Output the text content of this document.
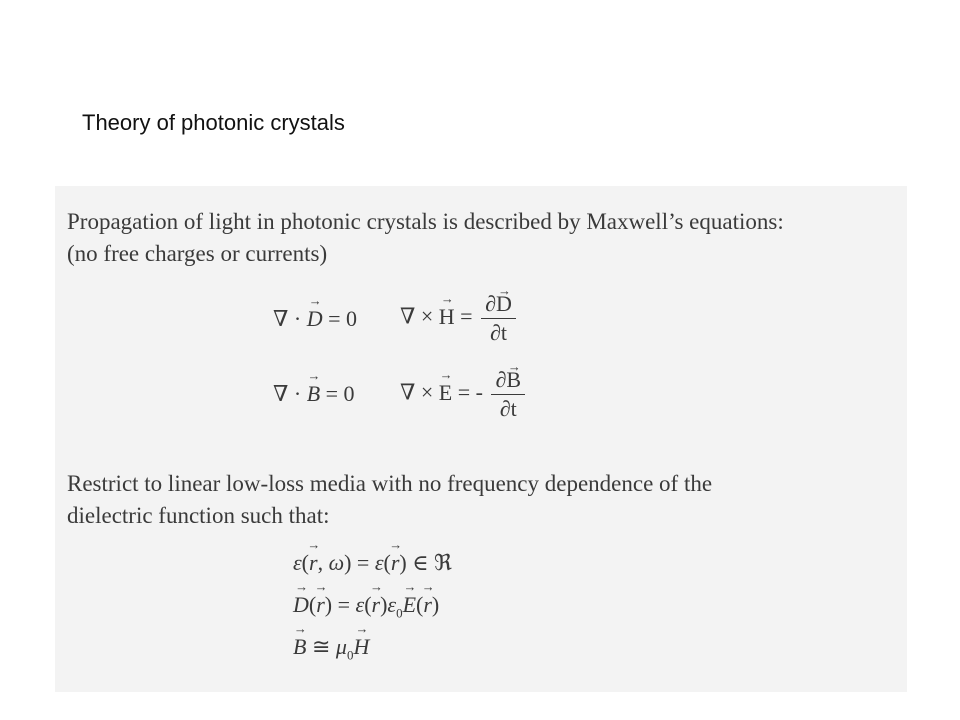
Theory of photonic crystals

Propagation of light in photonic crystals is described by Maxwell’s equations:
(no free charges or currents)

∇ · → D = 0 ∇ × → $H = \frac{\partial\to D}{\partial t}$
∇ · → B = 0 ∇ × → E = - $\frac{\partial\to B}{\partial t}$

Restrict to linear low-loss media with no frequency dependence of the
dielectric function such that:

ε(→ r, ω) = ε(→ r) ∈ ℜ
→ $D(\to r) = \varepsilon(\to r)\varepsilon_0\to E(\to r)$
→ B ≅ $\mu_0\to H$
